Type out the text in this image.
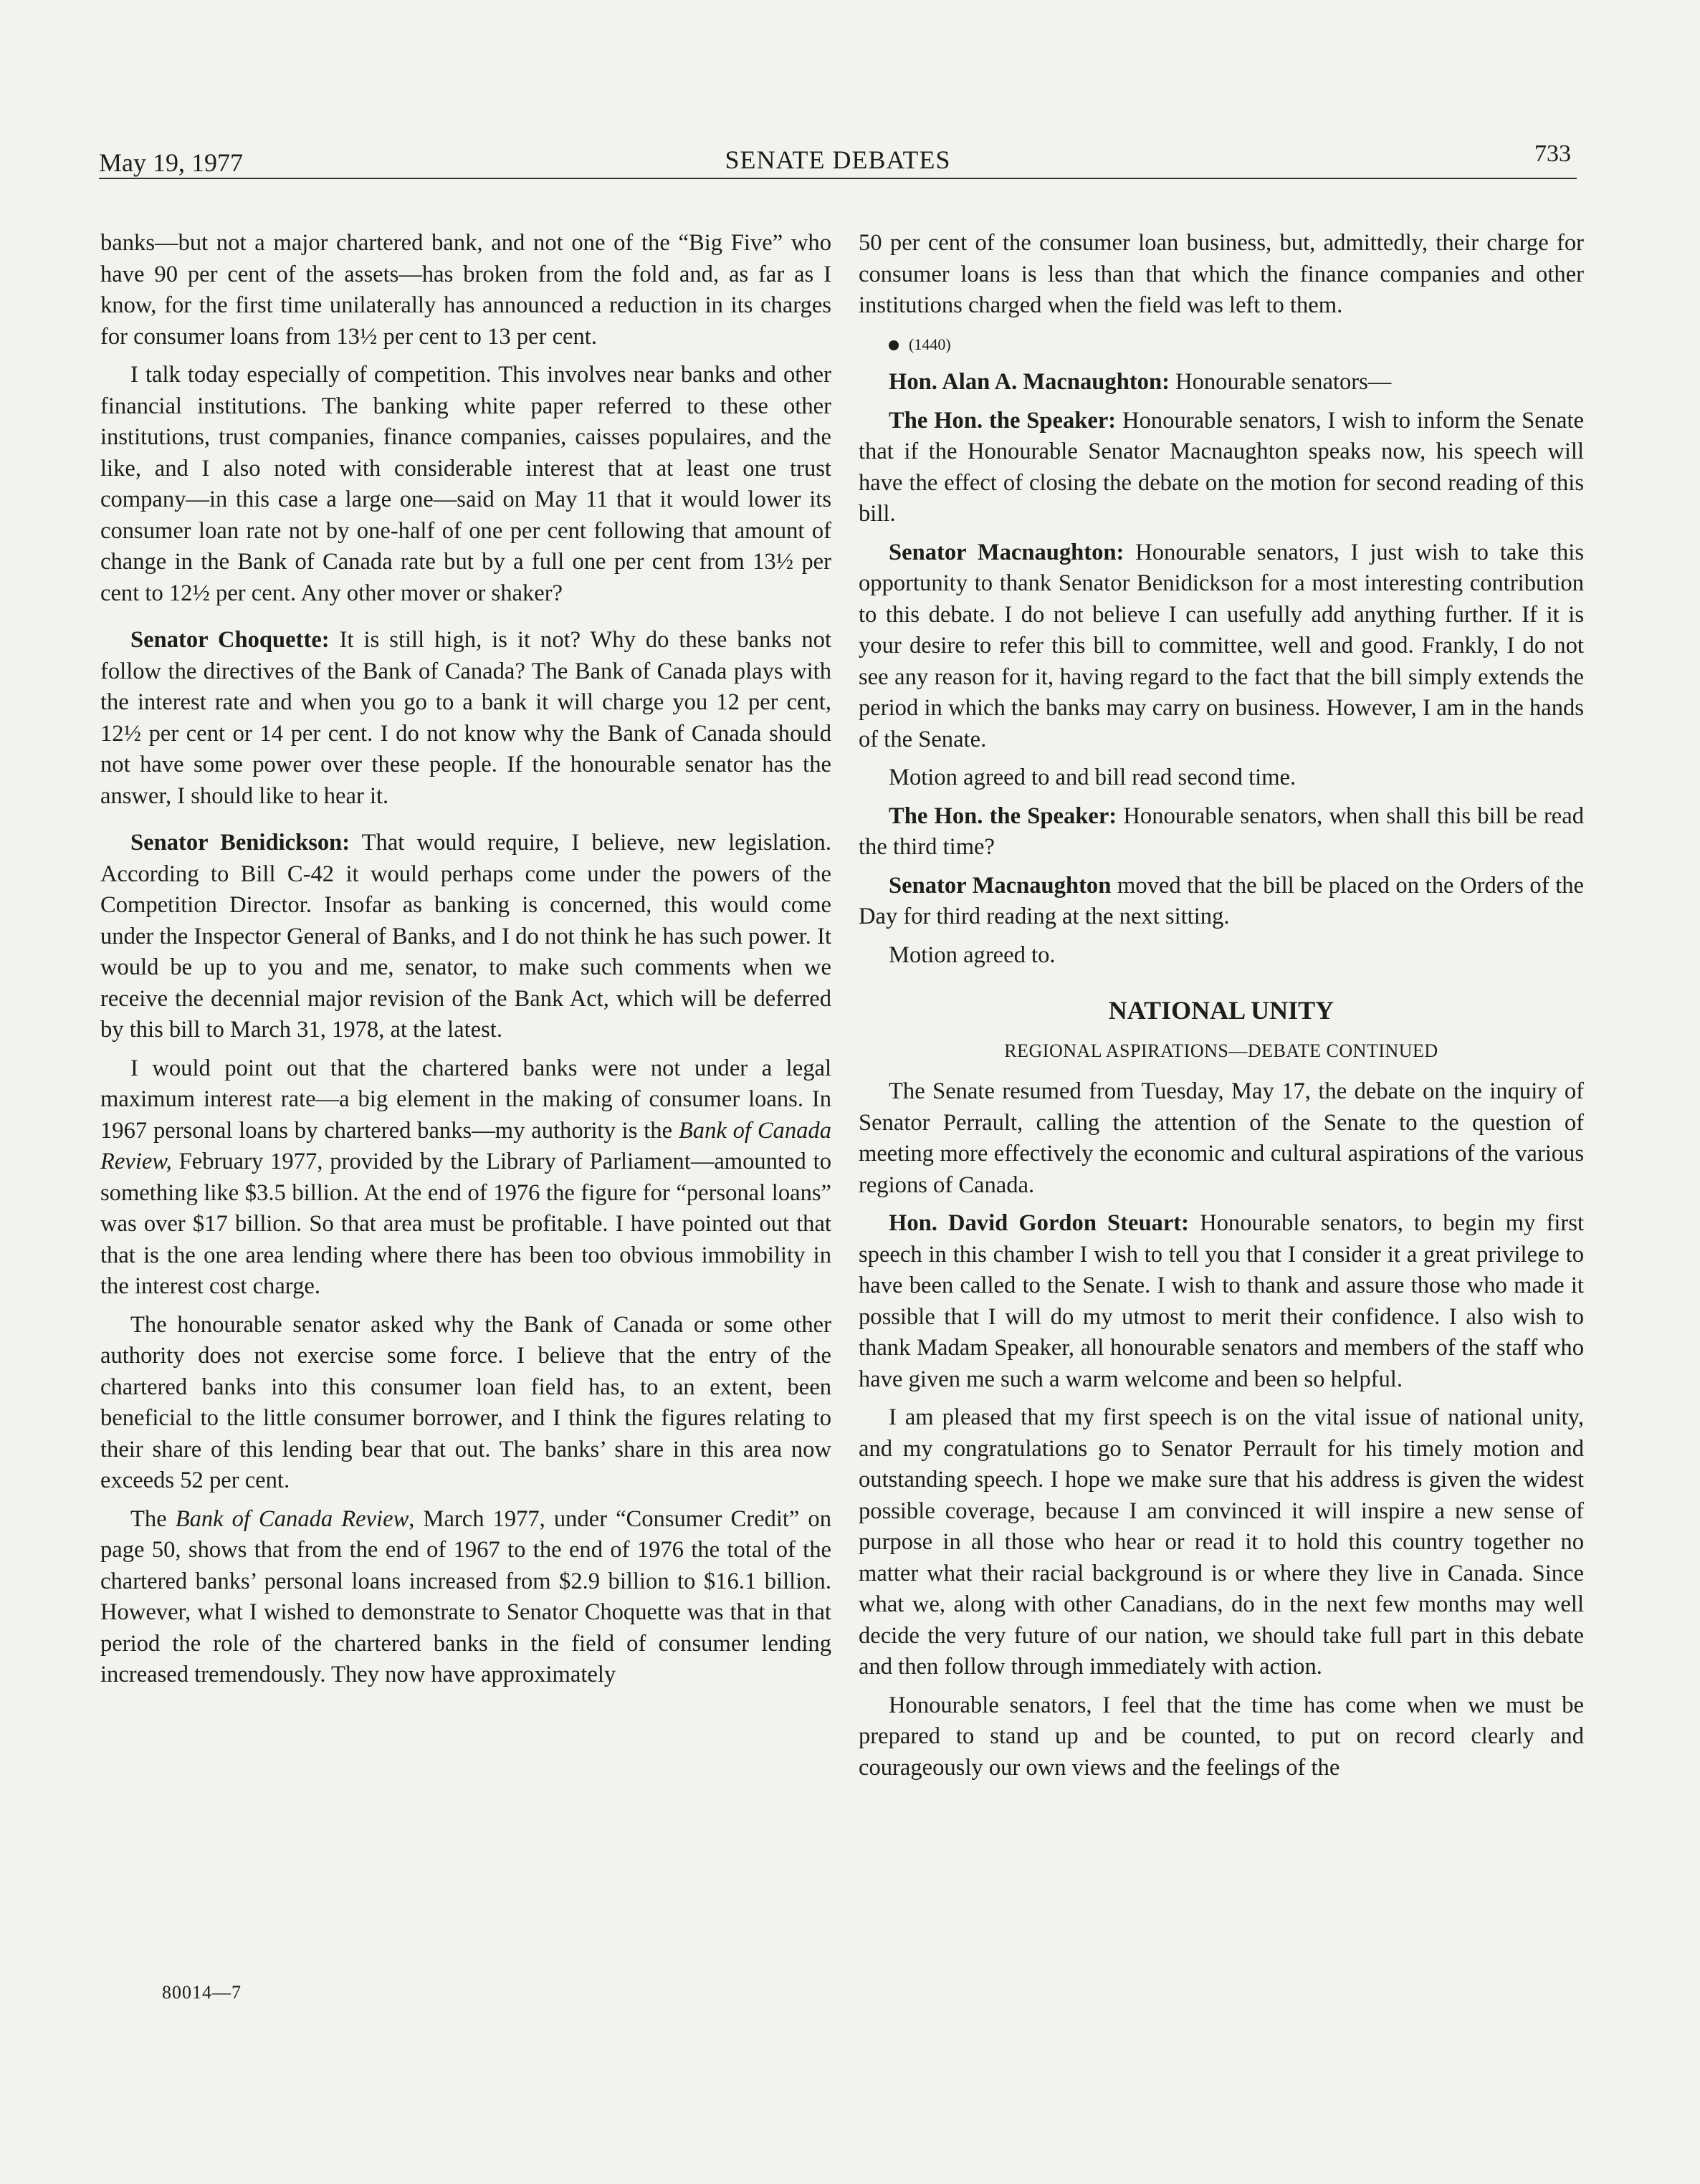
May 19, 1977	SENATE DEBATES	733

banks—but not a major chartered bank, and not one of the “Big Five” who have 90 per cent of the assets—has broken from the fold and, as far as I know, for the first time unilaterally has announced a reduction in its charges for consumer loans from 13½ per cent to 13 per cent.

I talk today especially of competition. This involves near banks and other financial institutions. The banking white paper referred to these other institutions, trust companies, finance companies, caisses populaires, and the like, and I also noted with considerable interest that at least one trust company—in this case a large one—said on May 11 that it would lower its consumer loan rate not by one-half of one per cent following that amount of change in the Bank of Canada rate but by a full one per cent from 13½ per cent to 12½ per cent. Any other mover or shaker?

Senator Choquette: It is still high, is it not? Why do these banks not follow the directives of the Bank of Canada? The Bank of Canada plays with the interest rate and when you go to a bank it will charge you 12 per cent, 12½ per cent or 14 per cent. I do not know why the Bank of Canada should not have some power over these people. If the honourable senator has the answer, I should like to hear it.

Senator Benidickson: That would require, I believe, new legislation. According to Bill C-42 it would perhaps come under the powers of the Competition Director. Insofar as banking is concerned, this would come under the Inspector General of Banks, and I do not think he has such power. It would be up to you and me, senator, to make such comments when we receive the decennial major revision of the Bank Act, which will be deferred by this bill to March 31, 1978, at the latest.

I would point out that the chartered banks were not under a legal maximum interest rate—a big element in the making of consumer loans. In 1967 personal loans by chartered banks—my authority is the Bank of Canada Review, February 1977, provided by the Library of Parliament—amounted to something like $3.5 billion. At the end of 1976 the figure for “personal loans” was over $17 billion. So that area must be profitable. I have pointed out that that is the one area lending where there has been too obvious immobility in the interest cost charge.

The honourable senator asked why the Bank of Canada or some other authority does not exercise some force. I believe that the entry of the chartered banks into this consumer loan field has, to an extent, been beneficial to the little consumer borrower, and I think the figures relating to their share of this lending bear that out. The banks’ share in this area now exceeds 52 per cent.

The Bank of Canada Review, March 1977, under “Consumer Credit” on page 50, shows that from the end of 1967 to the end of 1976 the total of the chartered banks’ personal loans increased from $2.9 billion to $16.1 billion. However, what I wished to demonstrate to Senator Choquette was that in that period the role of the chartered banks in the field of consumer lending increased tremendously. They now have approximately

50 per cent of the consumer loan business, but, admittedly, their charge for consumer loans is less than that which the finance companies and other institutions charged when the field was left to them.

(1440)

Hon. Alan A. Macnaughton: Honourable senators—

The Hon. the Speaker: Honourable senators, I wish to inform the Senate that if the Honourable Senator Macnaughton speaks now, his speech will have the effect of closing the debate on the motion for second reading of this bill.

Senator Macnaughton: Honourable senators, I just wish to take this opportunity to thank Senator Benidickson for a most interesting contribution to this debate. I do not believe I can usefully add anything further. If it is your desire to refer this bill to committee, well and good. Frankly, I do not see any reason for it, having regard to the fact that the bill simply extends the period in which the banks may carry on business. However, I am in the hands of the Senate.

Motion agreed to and bill read second time.

The Hon. the Speaker: Honourable senators, when shall this bill be read the third time?

Senator Macnaughton moved that the bill be placed on the Orders of the Day for third reading at the next sitting.

Motion agreed to.

NATIONAL UNITY
REGIONAL ASPIRATIONS—DEBATE CONTINUED

The Senate resumed from Tuesday, May 17, the debate on the inquiry of Senator Perrault, calling the attention of the Senate to the question of meeting more effectively the economic and cultural aspirations of the various regions of Canada.

Hon. David Gordon Steuart: Honourable senators, to begin my first speech in this chamber I wish to tell you that I consider it a great privilege to have been called to the Senate. I wish to thank and assure those who made it possible that I will do my utmost to merit their confidence. I also wish to thank Madam Speaker, all honourable senators and members of the staff who have given me such a warm welcome and been so helpful.

I am pleased that my first speech is on the vital issue of national unity, and my congratulations go to Senator Perrault for his timely motion and outstanding speech. I hope we make sure that his address is given the widest possible coverage, because I am convinced it will inspire a new sense of purpose in all those who hear or read it to hold this country together no matter what their racial background is or where they live in Canada. Since what we, along with other Canadians, do in the next few months may well decide the very future of our nation, we should take full part in this debate and then follow through immediately with action.

Honourable senators, I feel that the time has come when we must be prepared to stand up and be counted, to put on record clearly and courageously our own views and the feelings of the

80014—7
